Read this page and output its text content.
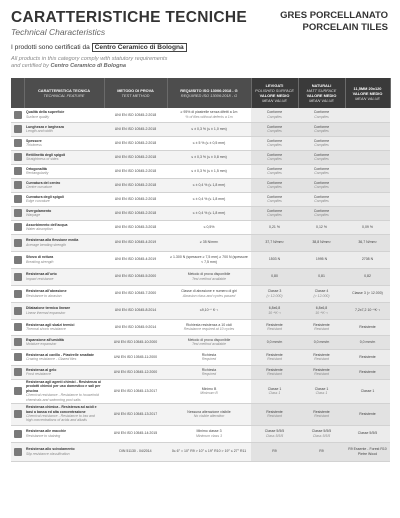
CARATTERISTICHE TECNICHE
Technical Characteristics
GRES PORCELLANATO
PORCELAIN TILES
I prodotti sono certificati da Centro Ceramico di Bologna
All products in this category comply with statutory requirements
and certified by Centro Ceramico di Bologna
	CARATTERISTICA TECNICA
TECHNICAL FEATURE	METODO DI PROVA
TEST METHOD	REQUISITO ISO 13006:2018 - G
REQUIRED ISO 13006:2018 - G	LEVIGATI
POLISHED SURFACE
VALORE MEDIO
MEAN VALUE	NATURALI
MATT SURFACE
VALORE MEDIO
MEAN VALUE	11,5MM 20x120
VALORE MEDIO
MEAN VALUE

	Qualità della superficie
Surface quality	UNI EN ISO 10545-2:2018	≥ 95% di piastrelle senza difetti a 1m
% of tiles without defects a 1m	Conforme
Complies	Conforme
Complies	

	Lunghezza e larghezza
Length and width	UNI EN ISO 10545-2:2018	≤ ± 0,3 % (≤ ± 1,0 mm)	Conforme
Complies	Conforme
Complies	

	Spessore
Thickness	UNI EN ISO 10545-2:2018	≤ ± 5 % (≤ ± 0,5 mm)	Conforme
Complies	Conforme
Complies	

	Rettilineità degli spigoli
Straightness of sides	UNI EN ISO 10545-2:2018	≤ ± 0,3 % (≤ ± 0,8 mm)	Conforme
Complies	Conforme
Complies	

	Ortogonalità
Rectangularity	UNI EN ISO 10545-2:2018	≤ ± 0,3 % (≤ ± 1,5 mm)	Conforme
Complies	Conforme
Complies	

	Curvatura del centro
Centre curvature	UNI EN ISO 10545-2:2018	≤ ± 0,4 % (≤ 1,8 mm)	Conforme
Complies	Conforme
Complies	

	Curvatura degli spigoli
Edge curvature	UNI EN ISO 10545-2:2018	≤ ± 0,4 % (≤ 1,8 mm)	Conforme
Complies	Conforme
Complies	

	Svergolamento
Warpage	UNI EN ISO 10545-2:2018	≤ ± 0,4 % (≤ 1,8 mm)	Conforme
Complies	Conforme
Complies	

	Assorbimento dell'acqua
Water absorption	UNI EN ISO 10545-3:2018	≤ 0,5%	0,21 %	0,12 %	0,09 %

	Resistenza alla flessione media
Average bending strength	UNI EN ISO 10545-4:2019	≥ 35 N/mm²	37,7 N/mm²	38,8 N/mm²	36,7 N/mm²

	Sforzo di rottura
Breaking strength	UNI EN ISO 10545-4:2019	≥ 1.300 N (spessore ≥ 7,5 mm) ≥ 700 N (spessore < 7,5 mm)	1503 N	1995 N	2708 N

	Resistenza all'urto
Impact resistance	UNI EN ISO 10545-5:2000	Metodo di prova disponibile
Test method available	0,80	0,81	0,82

	Resistenza all'abrasione
Resistance to abrasion	UNI EN ISO 10545-7:2000	Classe di abrasione e numero di giri
Abrasion class and cycles passed	Classe 3
(> 12.000)	Classe 4
(> 12.000)	Classe 3 (> 12.000)

	Dilatazione termica lineare
Linear thermal expansion	UNI EN ISO 10545-8:2014	≤9,10⁻⁶ K⁻¹	6,8x6,8
10⁻⁶K⁻¹	6,8x6,8
10⁻⁶K⁻¹	7,2x7,2 10⁻⁶K⁻¹

	Resistenza agli sbalzi termici
Thermal shock resistance	UNI EN ISO 10545-9:2014	Richiesta resistenza a 10 cicli
Resistance required at 10 cycles	Resistente
Resistant	Resistente
Resistant	Resistente

	Espansione all'umidità
Moisture expansion	UNI EN ISO 10545-10:2000	Metodo di prova disponibile
Test method available	0,0 mm/m	0,0 mm/m	0,0 mm/m

	Resistenza al cavillo - Piastrelle smaltate
Crazing resistance - Glazed tiles	UNI EN ISO 10545-11:2000	Richiesta
Required	Resistente
Resistant	Resistente
Resistant	Resistente

	Resistenza al gelo
Frost resistance	UNI EN ISO 10545-12:2000	Richiesta
Required	Resistente
Resistant	Resistente
Resistant	Resistente

	Resistenza agli agenti chimici - Resistenza ai prodotti chimici per uso domestico e sali per piscina
Chemical resistance - Resistance to household chemicals and swimming pool salts	UNI EN ISO 10545-13:2017	Minimo B
Minimum B	Classe 1
Class 1	Classe 1
Class 1	Classe 1

	Resistenza chimica - Resistenza ad acidi e basi a bassa ed alta concentrazione
Chemical resistance - Resistance to low and high concentrations of acids and alkalis	UNI EN ISO 10545-13:2017	Nessuna alterazione visibile
No visible alteration	Resistente
Resistant	Resistente
Resistant	Resistente

	Resistenza alle macchie
Resistance to staining	UNI EN ISO 10545-14:2015	Minimo classe 3
Minimum class 3	Classe 5/5/5
Class 5/5/5	Classe 5/5/5
Class 5/5/5	Classe 5/5/5

	Resistenza allo scivolamento
Slip resistance classification	DIN 51130 - 04/2014	0≤ 6° = 10° R9 > 10° ≤ 19° R10 > 19° ≤ 27° R11	R9	R9	R9 Essente - Forest R10 Pietre Wood
